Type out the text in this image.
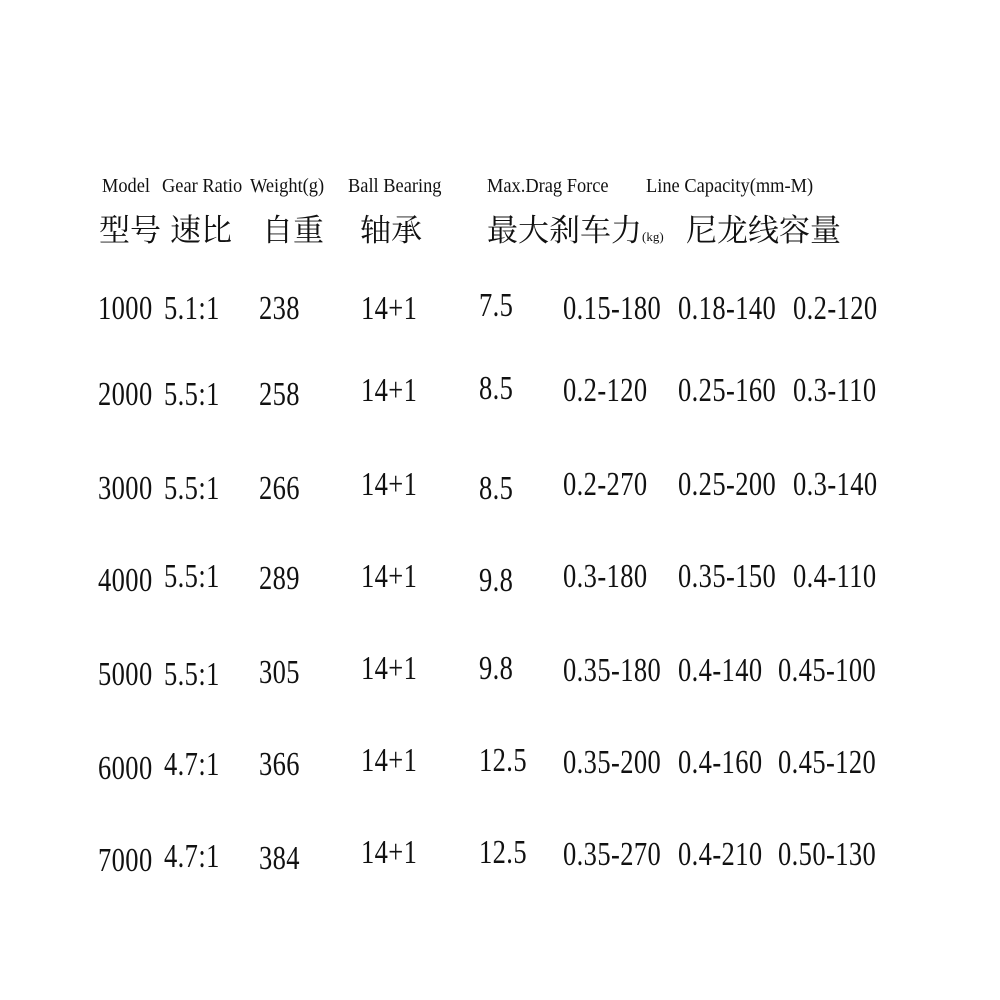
Model Gear Ratio Weight(g) Ball Bearing Max.Drag Force Line Capacity(mm-M)
型号 速比 自重 轴承 最大刹车力(kg) 尼龙线容量
1000 5.1:1 238 14+1 7.5 0.15-180 0.18-140 0.2-120
2000 5.5:1 258 14+1 8.5 0.2-120 0.25-160 0.3-110
3000 5.5:1 266 14+1 8.5 0.2-270 0.25-200 0.3-140
4000 5.5:1 289 14+1 9.8 0.3-180 0.35-150 0.4-110
5000 5.5:1 305 14+1 9.8 0.35-180 0.4-140 0.45-100
6000 4.7:1 366 14+1 12.5 0.35-200 0.4-160 0.45-120
7000 4.7:1 384 14+1 12.5 0.35-270 0.4-210 0.50-130
